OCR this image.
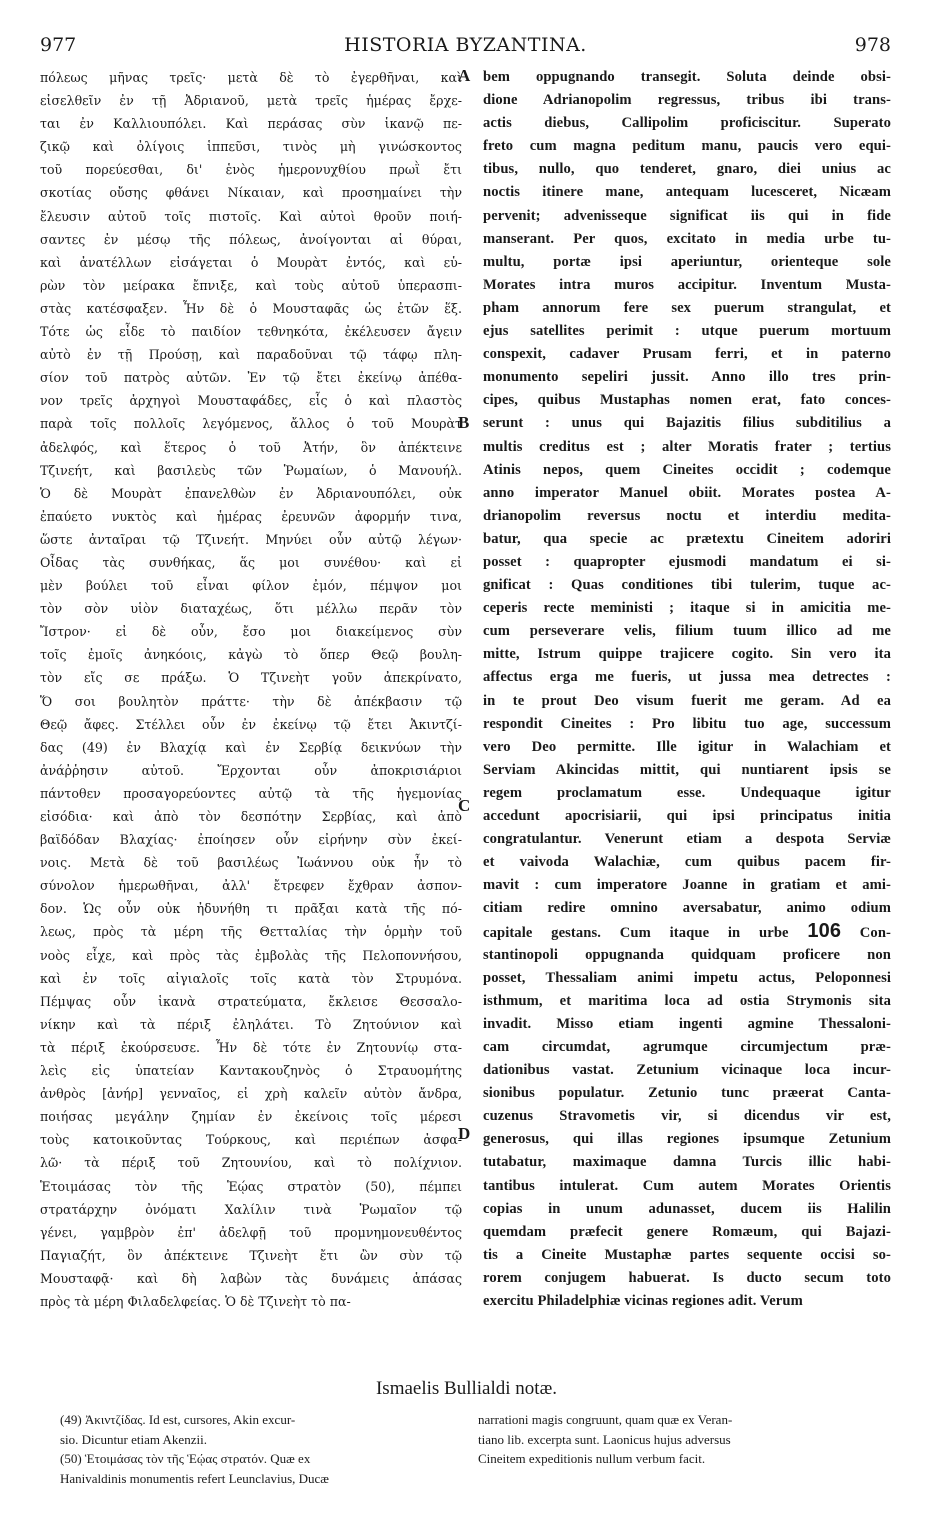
977	HISTORIA BYZANTINA.	978
πόλεως μῆνας τρεῖς· μετὰ δὲ τὸ ἐγερθῆναι, καὶ
εἰσελθεῖν ἐν τῇ Ἀδριανοῦ, μετὰ τρεῖς ἡμέρας ἔρχε-
ται ἐν Καλλιουπόλει. Καὶ περάσας σὺν ἱκανῷ πε-
ζικῷ καὶ ὀλίγοις ἱππεῦσι, τινὸς μὴ γινώσκοντος
τοῦ πορεύεσθαι, δι' ἑνὸς ἡμερονυχθίου πρωῒ ἔτι
σκοτίας οὔσης φθάνει Νίκαιαν, καὶ προσημαίνει τὴν
ἔλευσιν αὐτοῦ τοῖς πιστοῖς. Καὶ αὐτοὶ θροῦν ποιή-
σαντες ἐν μέσῳ τῆς πόλεως, ἀνοίγονται αἱ θύραι,
καὶ ἀνατέλλων εἰσάγεται ὁ Μουρὰτ ἐντός, καὶ εὑ-
ρὼν τὸν μείρακα ἔπνιξε, καὶ τοὺς αὐτοῦ ὑπερασπι-
στὰς κατέσφαξεν. Ἦν δὲ ὁ Μουσταφᾶς ὡς ἐτῶν ἕξ.
Τότε ὡς εἶδε τὸ παιδίον τεθνηκότα, ἐκέλευσεν ἄγειν
αὐτὸ ἐν τῇ Προύσῃ, καὶ παραδοῦναι τῷ τάφῳ πλη-
σίον τοῦ πατρὸς αὐτῶν. Ἐν τῷ ἔτει ἐκείνῳ ἀπέθα-
νον τρεῖς ἀρχηγοὶ Μουσταφάδες, εἷς ὁ καὶ πλαστὸς
παρὰ τοῖς πολλοῖς λεγόμενος, ἄλλος ὁ τοῦ Μουρὰτ
ἀδελφός, καὶ ἕτερος ὁ τοῦ Ἀτήν, ὃν ἀπέκτεινε
Τζινεήτ, καὶ βασιλεὺς τῶν Ῥωμαίων, ὁ Μανουήλ.
Ὁ δὲ Μουρὰτ ἐπανελθὼν ἐν Ἀδριανουπόλει, οὐκ
ἐπαύετο νυκτὸς καὶ ἡμέρας ἐρευνῶν ἀφορμήν τινα,
ὥστε ἀνταῖραι τῷ Τζινεήτ. Μηνύει οὖν αὐτῷ λέγων·
Οἶδας τὰς συνθήκας, ἅς μοι συνέθου· καὶ εἰ
μὲν βούλει τοῦ εἶναι φίλον ἐμόν, πέμψον μοι
τὸν σὸν υἱὸν διαταχέως, ὅτι μέλλω περᾶν τὸν
Ἴστρον· εἰ δὲ οὖν, ἔσο μοι διακείμενος σὺν
τοῖς ἐμοῖς ἀνηκόοις, κἀγὼ τὸ ὅπερ Θεῷ βουλη-
τὸν εἴς σε πράξω. Ὁ Τζινεὴτ γοῦν ἀπεκρίνατο,
Ὅ σοι βουλητὸν πράττε· τὴν δὲ ἀπέκβασιν τῷ
Θεῷ ἄφες. Στέλλει οὖν ἐν ἐκείνῳ τῷ ἔτει Ἀκιντζί-
δας (49) ἐν Βλαχίᾳ καὶ ἐν Σερβίᾳ δεικνύων τὴν
ἀνάῤῥησιν αὐτοῦ. Ἔρχονται οὖν ἀποκρισιάριοι
πάντοθεν προσαγορεύοντες αὐτῷ τὰ τῆς ἡγεμονίας
εἰσόδια· καὶ ἀπὸ τὸν δεσπότην Σερβίας, καὶ ἀπὸ
βαϊδόδαν Βλαχίας· ἐποίησεν οὖν εἰρήνην σὺν ἐκεί-
νοις. Μετὰ δὲ τοῦ βασιλέως Ἰωάννου οὐκ ἦν τὸ
σύνολον ἡμερωθῆναι, ἀλλ' ἔτρεφεν ἔχθραν ἀσπον-
δον. Ὡς οὖν οὐκ ἠδυνήθη τι πρᾶξαι κατὰ τῆς πό-
λεως, πρὸς τὰ μέρη τῆς Θετταλίας τὴν ὁρμὴν τοῦ
νοὸς εἶχε, καὶ πρὸς τὰς ἐμβολὰς τῆς Πελοποννήσου,
καὶ ἐν τοῖς αἰγιαλοῖς τοῖς κατὰ τὸν Στρυμόνα.
Πέμψας οὖν ἱκανὰ στρατεύματα, ἔκλεισε Θεσσαλο-
νίκην καὶ τὰ πέριξ ἐληλάτει. Τὸ Ζητούνιον καὶ
τὰ πέριξ ἐκούρσευσε. Ἦν δὲ τότε ἐν Ζητουνίῳ στα-
λεὶς εἰς ὑπατείαν Καντακουζηνὸς ὁ Στραυομήτης
ἀνθρὸς [ἀνήρ] γενναῖος, εἰ χρὴ καλεῖν αὐτὸν ἄνδρα,
ποιήσας μεγάλην ζημίαν ἐν ἐκείνοις τοῖς μέρεσι
τοὺς κατοικοῦντας Τούρκους, καὶ περιέπων ἀσφα-
λῶ· τὰ πέριξ τοῦ Ζητουνίου, καὶ τὸ πολίχνιον.
Ἑτοιμάσας τὸν τῆς Ἑῴας στρατὸν (50), πέμπει
στρατάρχην ὀνόματι Χαλίλιν τινὰ Ῥωμαῖον τῷ
γένει, γαμβρὸν ἐπ' ἀδελφῇ τοῦ προμνημονευθέντος
Παγιαζήτ, ὃν ἀπέκτεινε Τζινεὴτ ἔτι ὢν σὺν τῷ
Μουσταφᾷ· καὶ δὴ λαβὼν τὰς δυνάμεις ἁπάσας
πρὸς τὰ μέρη Φιλαδελφείας. Ὁ δὲ Τζινεὴτ τὸ πα-
bem oppugnando transegit. Soluta deinde obsi-
dione Adrianopolim regressus, tribus ibi trans-
actis diebus, Callipolim proficiscitur. Superato
freto cum magna peditum manu, paucis vero equi-
tibus, nullo, quo tenderet, gnaro, diei unius ac
noctis itinere mane, antequam lucesceret, Nicæam
pervenit; advenisseque significat iis qui in fide
manserant. Per quos, excitato in media urbe tu-
multu, portæ ipsi aperiuntur, orienteque sole
Morates intra muros accipitur. Inventum Musta-
pham annorum fere sex puerum strangulat, et
ejus satellites perimit : utque puerum mortuum
conspexit, cadaver Prusam ferri, et in paterno
monumento sepeliri jussit. Anno illo tres prin-
cipes, quibus Mustaphas nomen erat, fato conces-
serunt : unus qui Bajazitis filius subditilius a
multis creditus est ; alter Moratis frater ; tertius
Atinis nepos, quem Cineites occidit ; codemque
anno imperator Manuel obiit. Morates postea A-
drianopolim reversus noctu et interdiu medita-
batur, qua specie ac prætextu Cineitem adoriri
posset : quapropter ejusmodi mandatum ei si-
gnificat : Quas conditiones tibi tulerim, tuque ac-
ceperis recte meministi ; itaque si in amicitia me-
cum perseverare velis, filium tuum illico ad me
mitte, Istrum quippe trajicere cogito. Sin vero ita
affectus erga me fueris, ut jussa mea detrectes :
in te prout Deo visum fuerit me geram. Ad ea
respondit Cineites : Pro libitu tuo age, successum
vero Deo permitte. Ille igitur in Walachiam et
Serviam Akincidas mittit, qui nuntiarent ipsis se
regem proclamatum esse. Undequaque igitur
accedunt apocrisiarii, qui ipsi principatus initia
congratulantur. Venerunt etiam a despota Serviæ
et vaivoda Walachiæ, cum quibus pacem fir-
mavit : cum imperatore Joanne in gratiam et ami-
citiam redire omnino aversabatur, animo odium
capitale gestans. Cum itaque in urbe 106 Con-
stantinopoli oppugnanda quidquam proficere non
posset, Thessaliam animi impetu actus, Peloponnesi
isthmum, et maritima loca ad ostia Strymonis sita
invadit. Misso etiam ingenti agmine Thessaloni-
cam circumdat, agrumque circumjectum præ-
dationibus vastat. Zetunium vicinaque loca incur-
sionibus populatur. Zetunio tunc præerat Canta-
cuzenus Stravometis vir, si dicendus vir est,
generosus, qui illas regiones ipsumque Zetunium
tutabatur, maximaque damna Turcis illic habi-
tantibus intulerat. Cum autem Morates Orientis
copias in unum adunasset, ducem iis Halilin
quemdam præfecit genere Romæum, qui Bajazi-
tis a Cineite Mustaphæ partes sequente occisi so-
rorem conjugem habuerat. Is ducto secum toto
exercitu Philadelphiæ vicinas regiones adit. Verum
A
B
C
D
Ismaelis Bullialdi notæ.
(49) Ἀκιντζίδας. Id est, cursores, Akin excur-
sio. Dicuntur etiam Akenzii.
(50) Ἑτοιμάσας τὸν τῆς Ἑῴας στρατόν. Quæ ex
Hanivaldinis monumentis refert Leunclavius, Ducæ
narrationi magis congruunt, quam quæ ex Veran-
tiano lib. excerpta sunt. Laonicus hujus adversus
Cineitem expeditionis nullum verbum facit.
